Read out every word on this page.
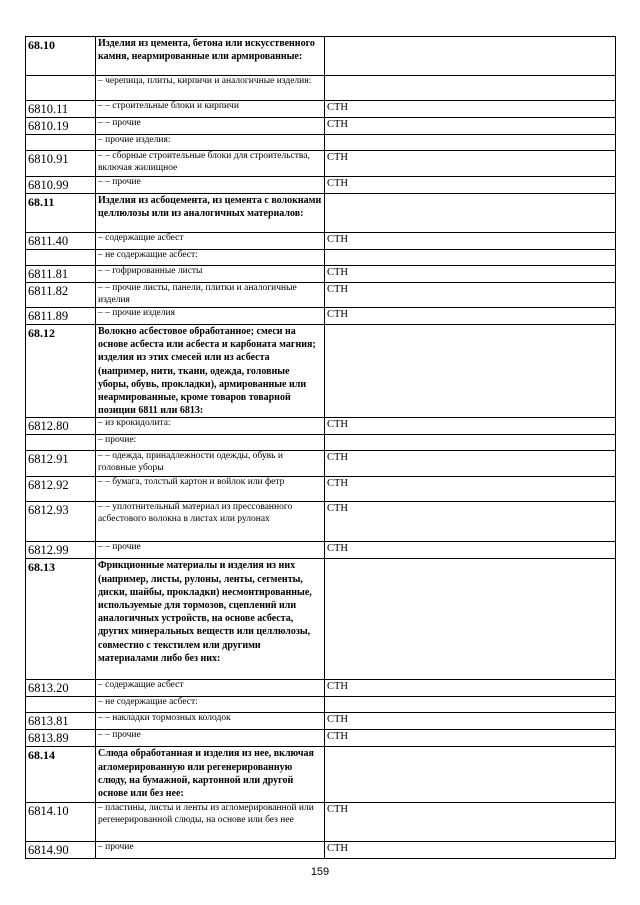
68.10	Изделия из цемента, бетона или искусственного камня, неармированные или армированные:	
	– черепица, плиты, кирпичи и аналогичные изделия:	
6810.11	– – строительные блоки и кирпичи	СТН
6810.19	– – прочие	СТН
	– прочие изделия:	
6810.91	– – сборные строительные блоки для строительства, включая жилищное	СТН
6810.99	– – прочие	СТН
68.11	Изделия из асбоцемента, из цемента с волокнами целлюлозы или из аналогичных материалов:	
6811.40	– содержащие асбест	СТН
	– не содержащие асбест:	
6811.81	– – гофрированные листы	СТН
6811.82	– – прочие листы, панели, плитки и аналогичные изделия	СТН
6811.89	– – прочие изделия	СТН
68.12	Волокно асбестовое обработанное; смеси на основе асбеста или асбеста и карбоната магния; изделия из этих смесей или из асбеста (например, нити, ткани, одежда, головные уборы, обувь, прокладки), армированные или неармированные, кроме товаров товарной позиции 6811 или 6813:	
6812.80	– из крокидолита:	СТН
	– прочие:	
6812.91	– – одежда, принадлежности одежды, обувь и головные уборы	СТН
6812.92	– – бумага, толстый картон и войлок или фетр	СТН
6812.93	– – уплотнительный материал из прессованного асбестового волокна в листах или рулонах	СТН
6812.99	– – прочие	СТН
68.13	Фрикционные материалы и изделия из них (например, листы, рулоны, ленты, сегменты, диски, шайбы, прокладки) несмонтированные, используемые для тормозов, сцеплений или аналогичных устройств, на основе асбеста, других минеральных веществ или целлюлозы, совместно с текстилем или другими материалами либо без них:	
6813.20	– содержащие асбест	СТН
	– не содержащие асбест:	
6813.81	– – накладки тормозных колодок	СТН
6813.89	– – прочие	СТН
68.14	Слюда обработанная и изделия из нее, включая агломерированную или регенерированную слюду, на бумажной, картонной или другой основе или без нее:	
6814.10	– пластины, листы и ленты из агломерированной или регенерированной слюды, на основе или без нее	СТН
6814.90	– прочие	СТН
159
